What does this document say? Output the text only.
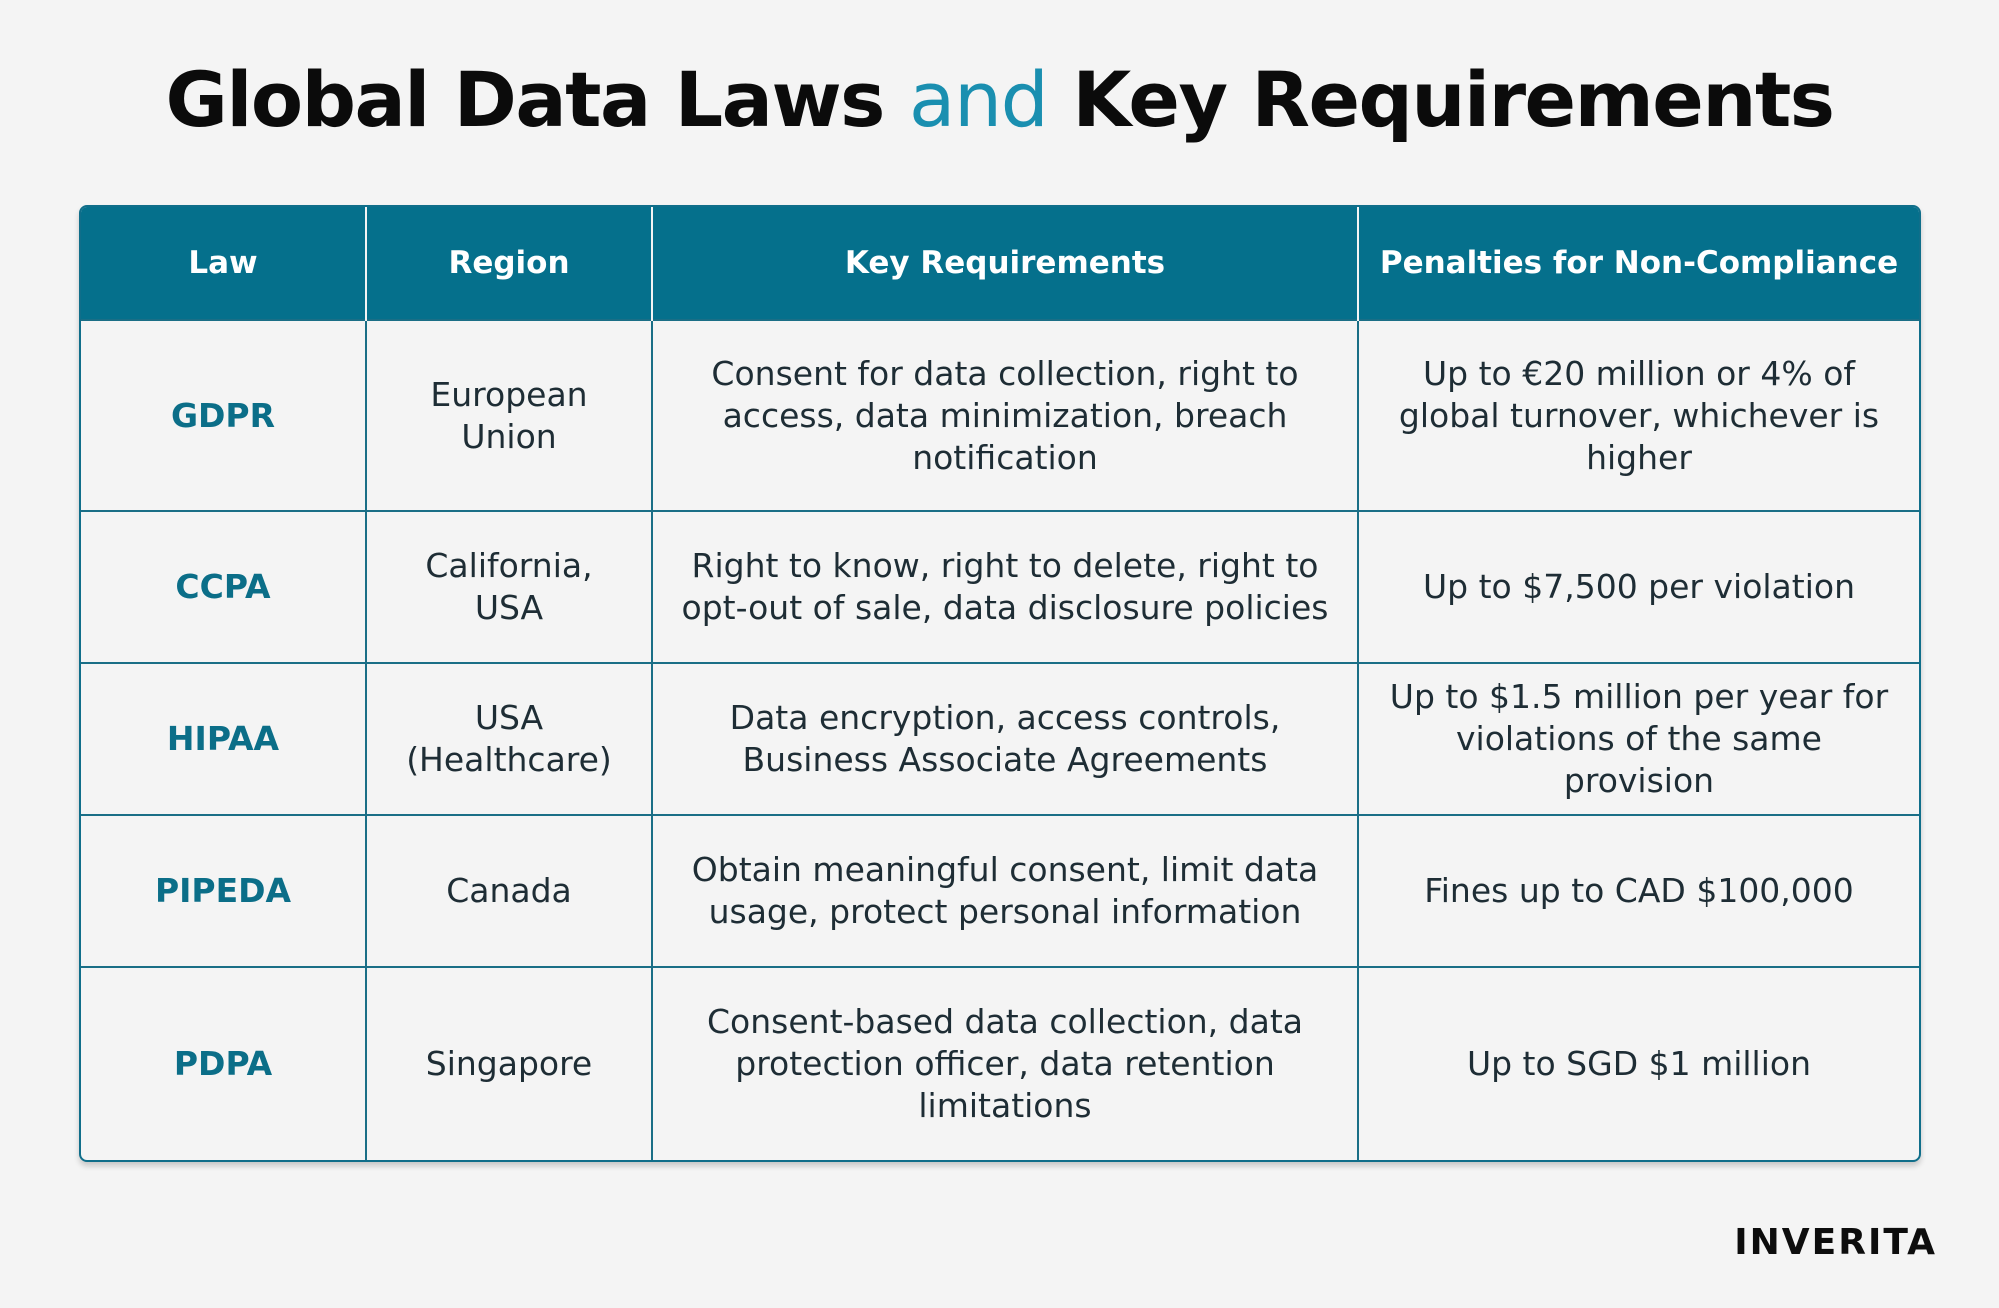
Global Data Laws and Key Requirements
Law	Region	Key Requirements	Penalties for Non-Compliance
GDPR	European Union	Consent for data collection, right to access, data minimization, breach notification	Up to €20 million or 4% of global turnover, whichever is higher
CCPA	California, USA	Right to know, right to delete, right to opt-out of sale, data disclosure policies	Up to $7,500 per violation
HIPAA	USA (Healthcare)	Data encryption, access controls, Business Associate Agreements	Up to $1.5 million per year for violations of the same provision
PIPEDA	Canada	Obtain meaningful consent, limit data usage, protect personal information	Fines up to CAD $100,000
PDPA	Singapore	Consent-based data collection, data protection officer, data retention limitations	Up to SGD $1 million
INVERITA
